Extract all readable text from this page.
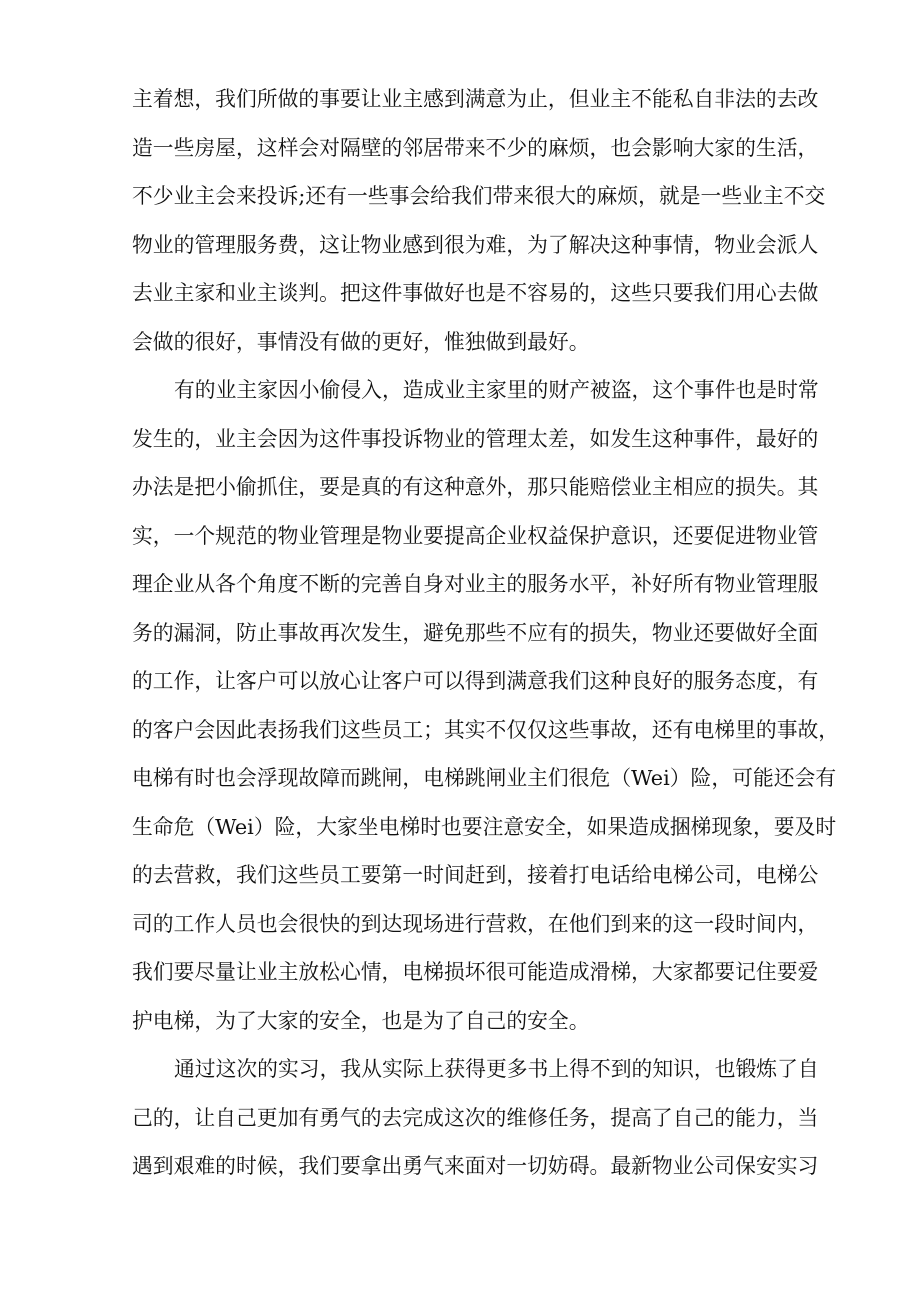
主着想，我们所做的事要让业主感到满意为止，但业主不能私自非法的去改
造一些房屋，这样会对隔壁的邻居带来不少的麻烦，也会影响大家的生活，
不少业主会来投诉;还有一些事会给我们带来很大的麻烦，就是一些业主不交
物业的管理服务费，这让物业感到很为难，为了解决这种事情，物业会派人
去业主家和业主谈判。把这件事做好也是不容易的，这些只要我们用心去做
会做的很好，事情没有做的更好，惟独做到最好。
有的业主家因小偷侵入，造成业主家里的财产被盗，这个事件也是时常
发生的，业主会因为这件事投诉物业的管理太差，如发生这种事件，最好的
办法是把小偷抓住，要是真的有这种意外，那只能赔偿业主相应的损失。其
实，一个规范的物业管理是物业要提高企业权益保护意识，还要促进物业管
理企业从各个角度不断的完善自身对业主的服务水平，补好所有物业管理服
务的漏洞，防止事故再次发生，避免那些不应有的损失，物业还要做好全面
的工作，让客户可以放心让客户可以得到满意我们这种良好的服务态度，有
的客户会因此表扬我们这些员工；其实不仅仅这些事故，还有电梯里的事故，
电梯有时也会浮现故障而跳闸，电梯跳闸业主们很危（Wei）险，可能还会有
生命危（Wei）险，大家坐电梯时也要注意安全，如果造成捆梯现象，要及时
的去营救，我们这些员工要第一时间赶到，接着打电话给电梯公司，电梯公
司的工作人员也会很快的到达现场进行营救，在他们到来的这一段时间内，
我们要尽量让业主放松心情，电梯损坏很可能造成滑梯，大家都要记住要爱
护电梯，为了大家的安全，也是为了自己的安全。
通过这次的实习，我从实际上获得更多书上得不到的知识，也锻炼了自
己的，让自己更加有勇气的去完成这次的维修任务，提高了自己的能力，当
遇到艰难的时候，我们要拿出勇气来面对一切妨碍。最新物业公司保安实习
